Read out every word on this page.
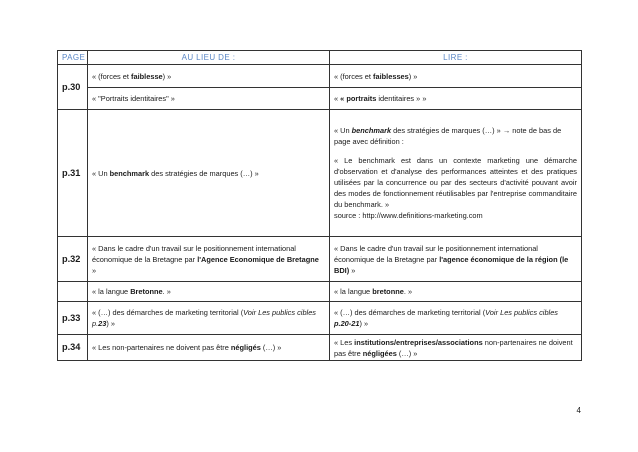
PAGE	AU LIEU DE :	LIRE :
p.30	« (forces et faiblesse) »	« (forces et faiblesses) »
	« "Portraits identitaires" »	« « portraits identitaires » »
p.31	« Un benchmark des stratégies de marques (…) »	« Un benchmark des stratégies de marques (…) » → note de bas de page avec définition :
« Le benchmark est dans un contexte marketing une démarche d'observation et d'analyse des performances atteintes et des pratiques utilisées par la concurrence ou par des secteurs d'activité pouvant avoir des modes de fonctionnement réutilisables par l'entreprise commanditaire du benchmark. »
source : http://www.definitions-marketing.com

p.32	« Dans le cadre d'un travail sur le positionnement international économique de la Bretagne par l'Agence Economique de Bretagne »	« Dans le cadre d'un travail sur le positionnement international économique de la Bretagne par l'agence économique de la région (le BDI) »
	« la langue Bretonne. »	« la langue bretonne. »
p.33	« (…) des démarches de marketing territorial (Voir Les publics cibles p.23) »	« (…) des démarches de marketing territorial (Voir Les publics cibles p.20-21) »
p.34	« Les non-partenaires ne doivent pas être négligés (…) »	« Les institutions/entreprises/associations non-partenaires ne doivent pas être négligées (…) »
4
